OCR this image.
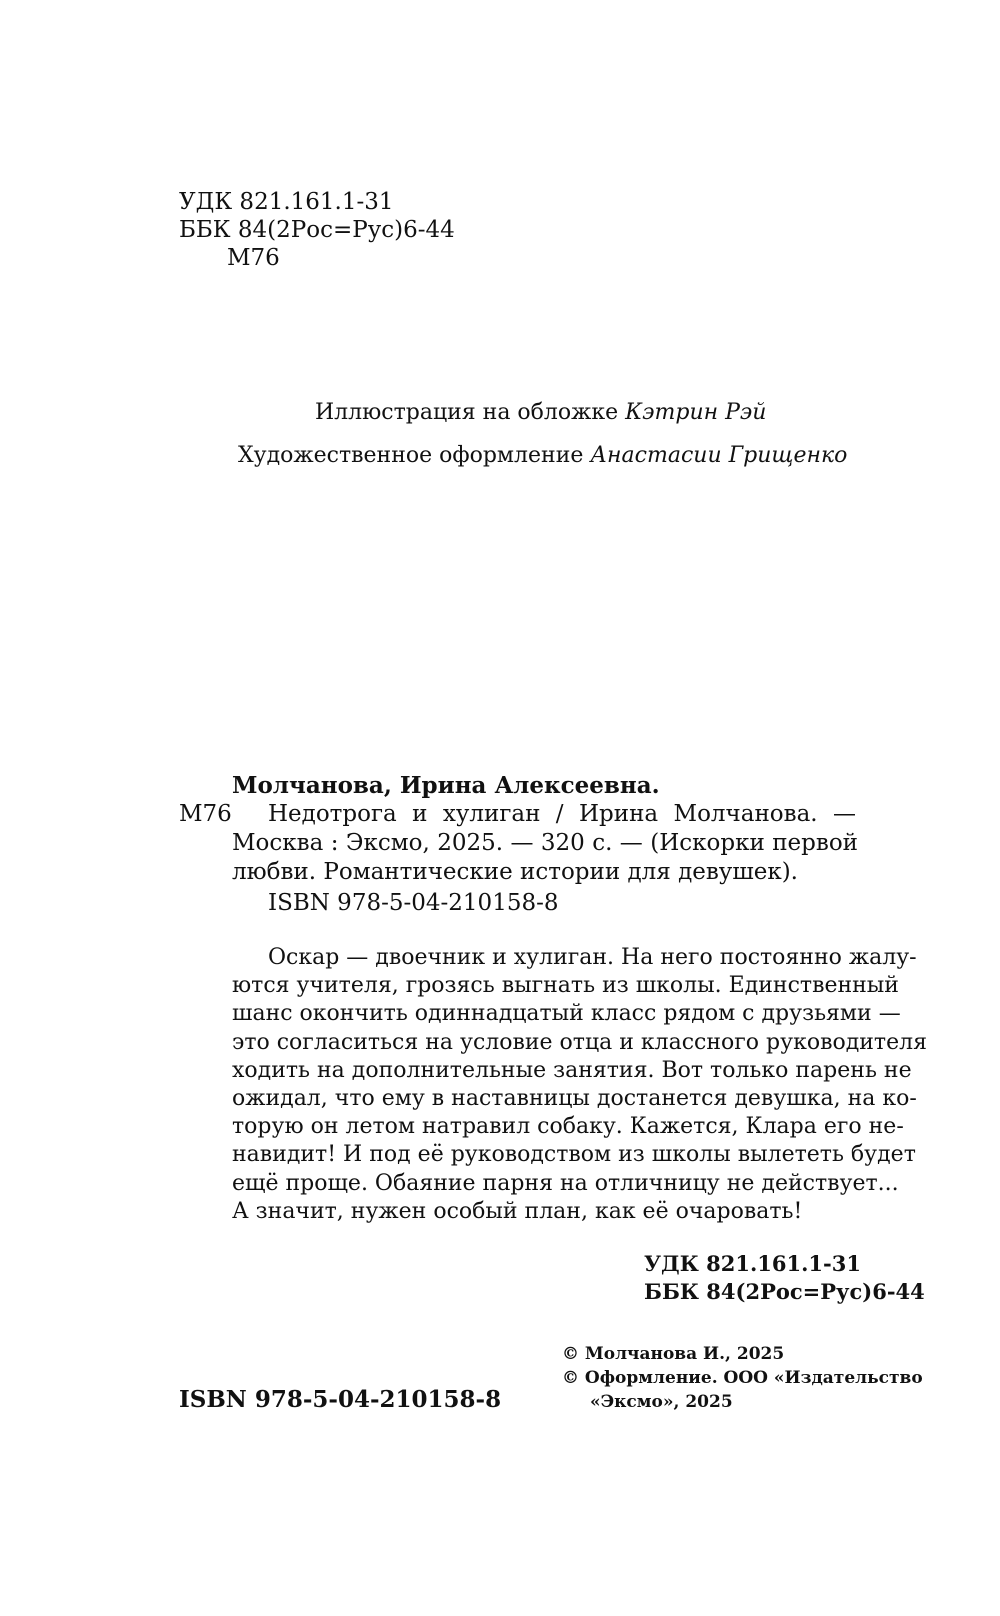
УДК 821.161.1-31
ББК 84(2Рос=Рус)6-44
М76
Иллюстрация на обложке Кэтрин Рэй
Художественное оформление Анастасии Грищенко
Молчанова, Ирина Алексеевна.
М76 Недотрога и хулиган / Ирина Молчанова. —
Москва : Эксмо, 2025. — 320 с. — (Искорки первой
любви. Романтические истории для девушек).
ISBN 978-5-04-210158-8
Оскар — двоечник и хулиган. На него постоянно жалу-
ются учителя, грозясь выгнать из школы. Единственный
шанс окончить одиннадцатый класс рядом с друзьями —
это согласиться на условие отца и классного руководителя
ходить на дополнительные занятия. Вот только парень не
ожидал, что ему в наставницы достанется девушка, на ко-
торую он летом натравил собаку. Кажется, Клара его не-
навидит! И под её руководством из школы вылететь будет
ещё проще. Обаяние парня на отличницу не действует...
А значит, нужен особый план, как её очаровать!
УДК 821.161.1-31
ББК 84(2Рос=Рус)6-44
ISBN 978-5-04-210158-8
© Молчанова И., 2025
© Оформление. ООО «Издательство
«Эксмо», 2025
